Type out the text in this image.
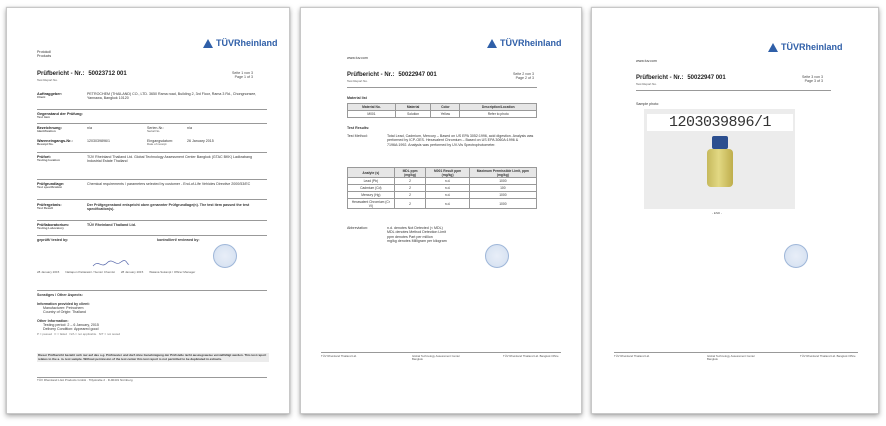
Protokoll
Products
TÜVRheinland
Prüfbericht - Nr.: 50023712 001
Test Report No.
Seite 1 von 3
Page 1 of 3
Auftraggeber:
Client
PETROCHEM (THAILAND) CO., LTD. 3650 Rama road, Building 2, 3rd Floor, Rama 3 Rd., Chongnonsee, Yannawa, Bangkok 10120
Gegenstand der Prüfung:
Test item
Bezeichnung:
Identification
n/a	Serien-Nr.:
Serial No.
n/a
Wareneingangs-Nr.:
Receipt No.
1203039896/1	Eingangsdatum:
Date of receipt
26 January 2015
Prüfort:
Testing location
TÜV Rheinland Thailand Ltd. Global Technology Assessment Center Bangkok (GTAC BKK) Ladkrabang Industrial Estate Thailand
Prüfgrundlage:
Test specification
Chemical requirements / parameters selected by customer - End-of-Life Vehicles Directive 2000/53/EC
Prüfergebnis:
Test Result
Der Prüfgegenstand entspricht oben genannter Prüfgrundlage(n). The test item passed the test specification(s).
Prüflaboratorium:
Testing Laboratory
TÜV Rheinland Thailand Ltd.
geprüft/ tested by:	kontrolliert/ reviewed by:
28 January 2015 Nattapon Pattarasiri / Senior Chemist 28 January 2015 Watana Sukanpt / Officer Manager
Sonstiges / Other Aspects:
Information provided by client:
Manufacturer: Petrochem
Country of Origin: Thailand
Other Information:
Testing period: 2 – 6 January, 2015
Delivery Condition: Appeared good
P = passed   F = failed   N/A = not applicable   N/T = not tested
Dieser Prüfbericht bezieht sich nur auf das o.g. Prüfmuster und darf ohne Genehmigung der Prüfstelle nicht auszugsweise vervielfältigt werden. This test report relates to the a. m. test sample. Without permission of the test center this test report is not permitted to be duplicated in extracts.
TÜV Rheinland LGA Products GmbH · Tillystraße 2 · D-90431 Nürnberg
www.tuv.com
TÜVRheinland
Prüfbericht - Nr.: 50022947 001
Test Report No.
Seite 2 von 3
Page 2 of 3
Material list
Material No.	Material	Color	Description/Location
M001	Solution	Yellow	Refer to photo
Test Results:
Test Method:	Total Lead, Cadmium, Mercury – Based on US EPA 3052:1996, acid digestion. Analysis was performed by ICP-OES. Hexavalent Chromium – Based on US EPA 3060A:1996 & 7196A:1992. Analysis was performed by UV-Vis Spectrophotometer.
Analyte (s)	MDL ppm (mg/kg)	M001 Result ppm (mg/kg)	Maximum Permissible Limit, ppm (mg/kg)
Lead (Pb)	2	n.d.	1000
Cadmium (Cd)	2	n.d.	100
Mercury (Hg)	2	n.d.	1000
Hexavalent Chromium (Cr VI)	2	n.d.	1000
Abbreviation:	n.d. denotes Not Detected (< MDL)
MDL denotes Method Detection Limit
ppm denotes Part per million
mg/kg denotes Milligram per kilogram
TÜV Rheinland Thailand Ltd.	Global Technology Assessment Center Bangkok
TÜV Rheinland Thailand Ltd. Bangkok Office
www.tuv.com
TÜVRheinland
Prüfbericht - Nr.: 50022947 001
Test Report No.
Seite 3 von 3
Page 3 of 3
Sample photo:
1203039896/1
- END -
TÜV Rheinland Thailand Ltd.	Global Technology Assessment Center Bangkok
TÜV Rheinland Thailand Ltd. Bangkok Office
